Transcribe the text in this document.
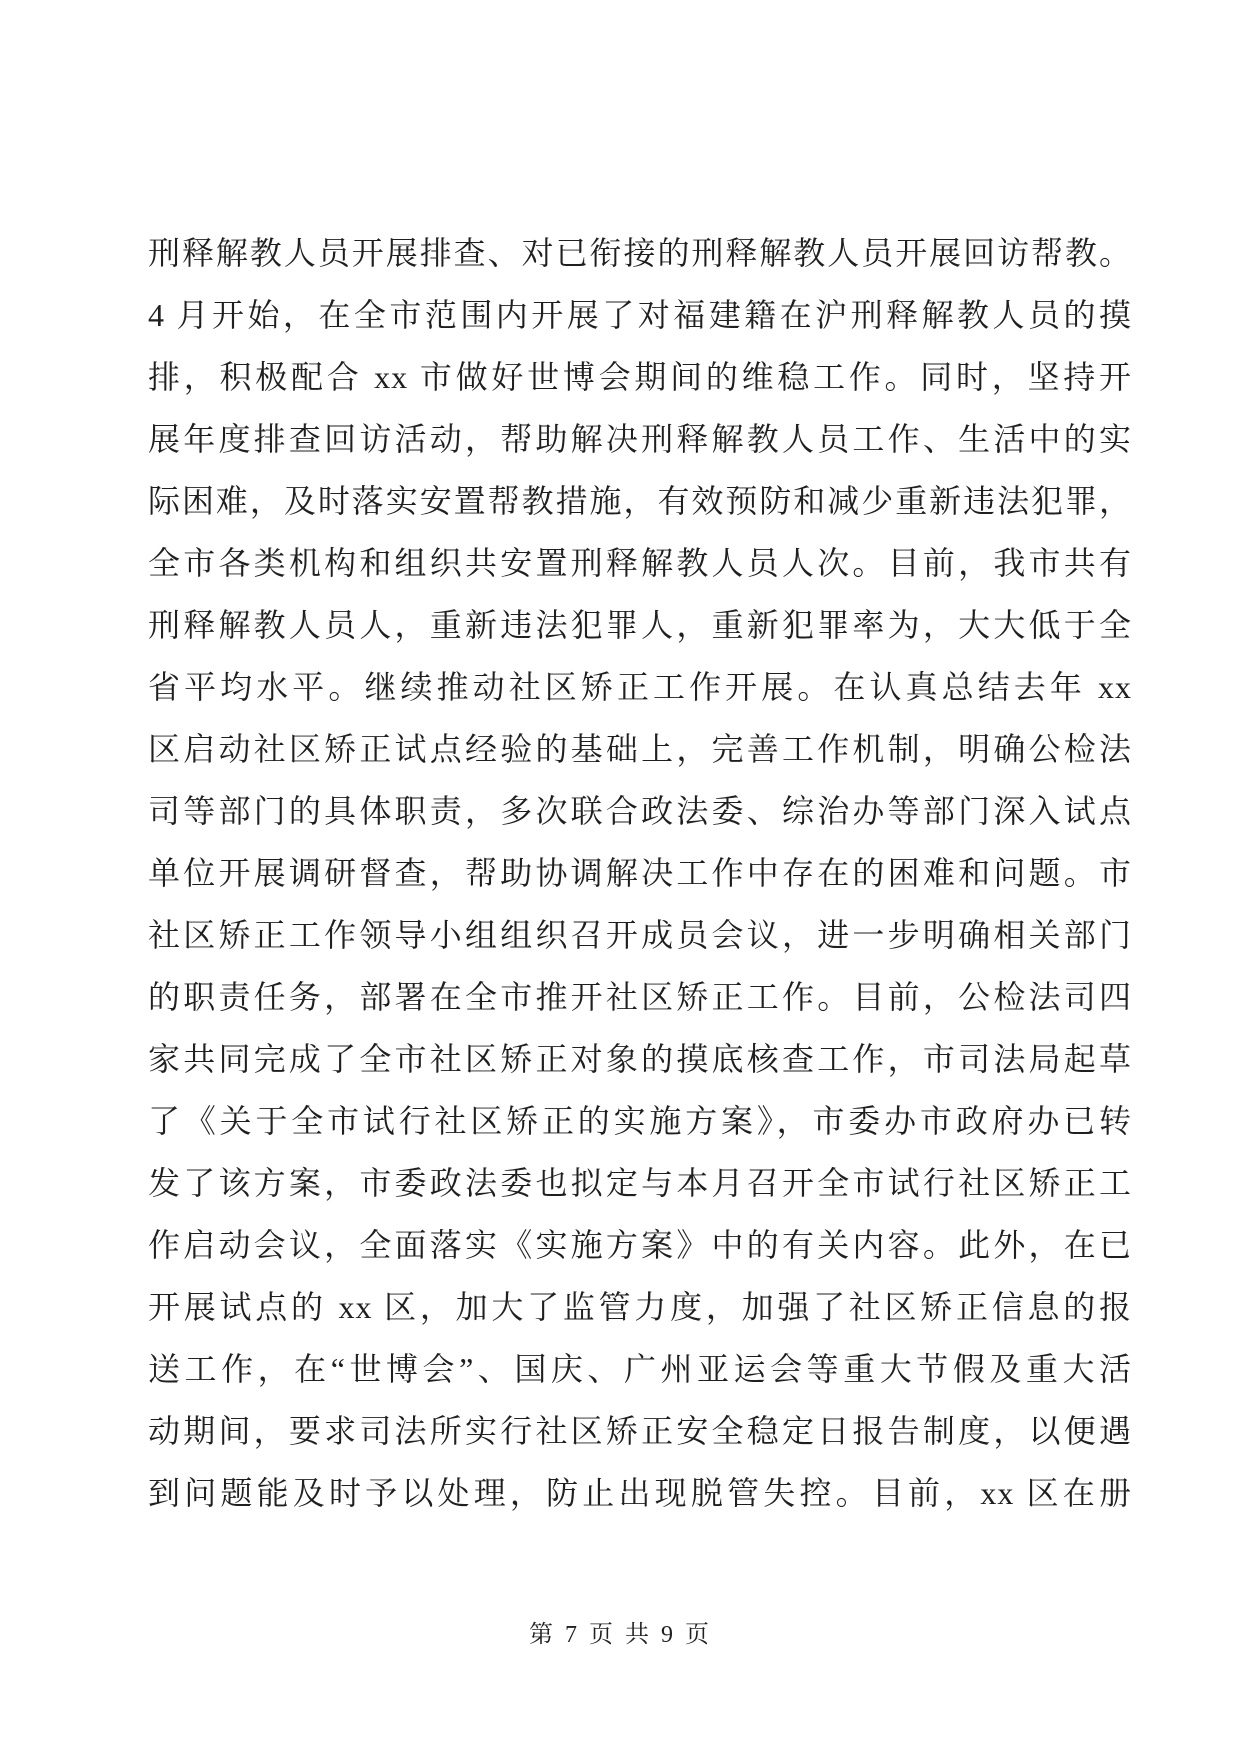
刑释解教人员开展排查、对已衔接的刑释解教人员开展回访帮教。
4 月开始，在全市范围内开展了对福建籍在沪刑释解教人员的摸
排，积极配合 xx 市做好世博会期间的维稳工作。同时，坚持开
展年度排查回访活动，帮助解决刑释解教人员工作、生活中的实
际困难，及时落实安置帮教措施，有效预防和减少重新违法犯罪，
全市各类机构和组织共安置刑释解教人员人次。目前，我市共有
刑释解教人员人，重新违法犯罪人，重新犯罪率为，大大低于全
省平均水平。继续推动社区矫正工作开展。在认真总结去年 xx
区启动社区矫正试点经验的基础上，完善工作机制，明确公检法
司等部门的具体职责，多次联合政法委、综治办等部门深入试点
单位开展调研督查，帮助协调解决工作中存在的困难和问题。市
社区矫正工作领导小组组织召开成员会议，进一步明确相关部门
的职责任务，部署在全市推开社区矫正工作。目前，公检法司四
家共同完成了全市社区矫正对象的摸底核查工作，市司法局起草
了《关于全市试行社区矫正的实施方案》，市委办市政府办已转
发了该方案，市委政法委也拟定与本月召开全市试行社区矫正工
作启动会议，全面落实《实施方案》中的有关内容。此外，在已
开展试点的 xx 区，加大了监管力度，加强了社区矫正信息的报
送工作，在“世博会”、国庆、广州亚运会等重大节假及重大活
动期间，要求司法所实行社区矫正安全稳定日报告制度，以便遇
到问题能及时予以处理，防止出现脱管失控。目前，xx 区在册
第 7 页 共 9 页
